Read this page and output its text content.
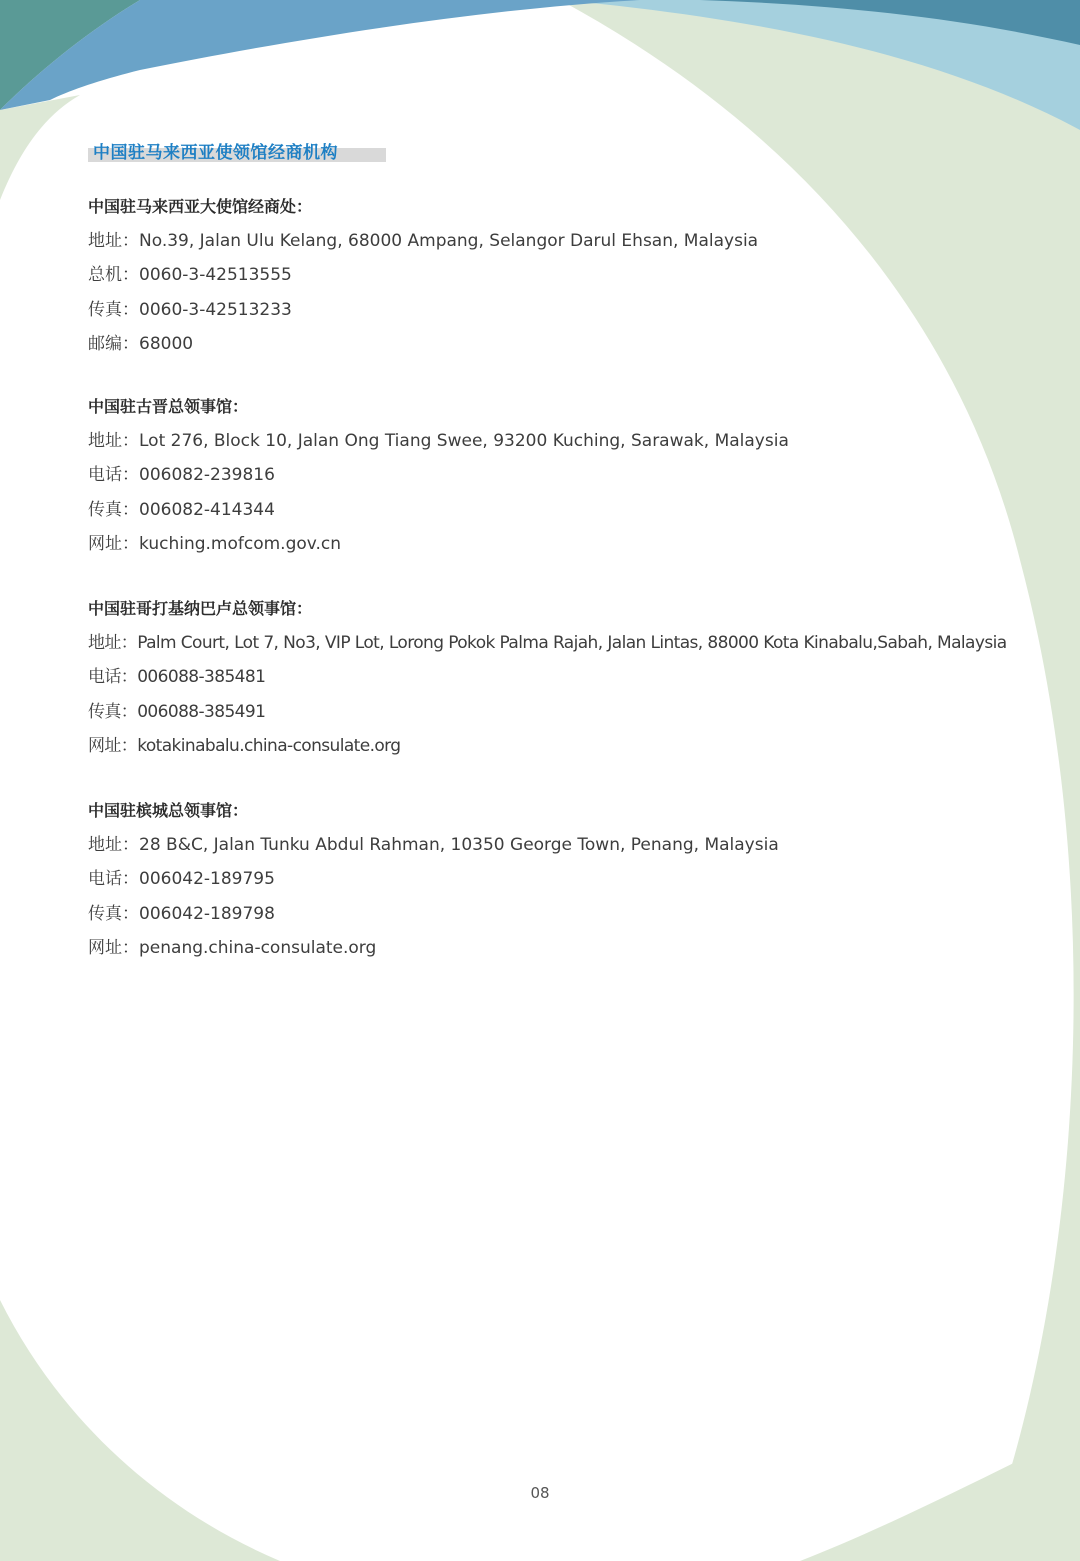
中国驻马来西亚使领馆经商机构
中国驻马来西亚大使馆经商处：
地址：No.39, Jalan Ulu Kelang, 68000 Ampang, Selangor Darul Ehsan, Malaysia
总机：0060-3-42513555
传真：0060-3-42513233
邮编：68000
中国驻古晋总领事馆：
地址：Lot 276, Block 10, Jalan Ong Tiang Swee, 93200 Kuching, Sarawak, Malaysia
电话：006082-239816
传真：006082-414344
网址：kuching.mofcom.gov.cn
中国驻哥打基纳巴卢总领事馆：
地址：Palm Court, Lot 7, No3, VIP Lot, Lorong Pokok Palma Rajah, Jalan Lintas, 88000 Kota Kinabalu,Sabah, Malaysia
电话：006088-385481
传真：006088-385491
网址：kotakinabalu.china-consulate.org
中国驻槟城总领事馆：
地址：28 B&C, Jalan Tunku Abdul Rahman, 10350 George Town, Penang, Malaysia
电话：006042-189795
传真：006042-189798
网址：penang.china-consulate.org
08
